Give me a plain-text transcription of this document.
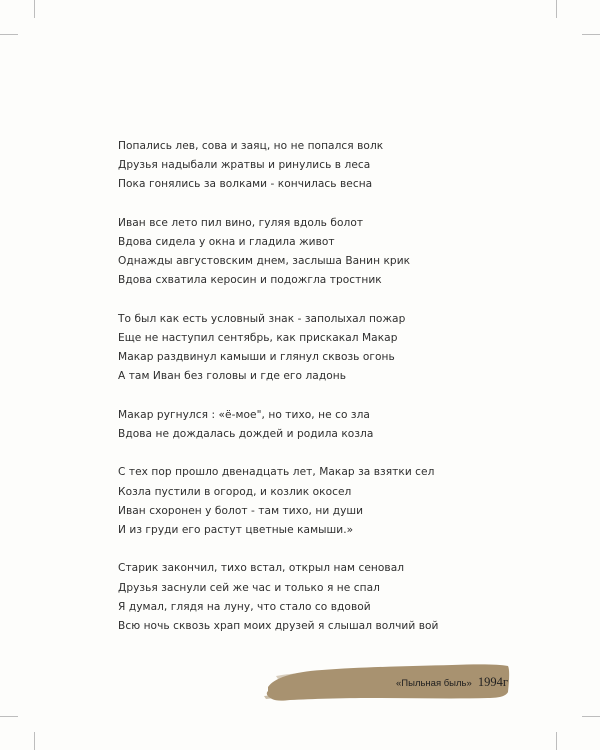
Попались лев, сова и заяц, но не попался волк
Друзья надыбали жратвы и ринулись в леса
Пока гонялись за волками - кончилась весна
Иван все лето пил вино, гуляя вдоль болот
Вдова сидела у окна и гладила живот
Однажды августовским днем, заслыша Ванин крик
Вдова схватила керосин и подожгла тростник
То был как есть условный знак - заполыхал пожар
Еще не наступил сентябрь, как прискакал Макар
Макар раздвинул камыши и глянул сквозь огонь
А там Иван без головы и где его ладонь
Макар ругнулся : «ё-мое", но тихо, не со зла
Вдова не дождалась дождей и родила козла
С тех пор прошло двенадцать лет, Макар за взятки сел
Козла пустили в огород, и козлик окосел
Иван схоронен у болот - там тихо, ни души
И из груди его растут цветные камыши.»
Старик закончил, тихо встал, открыл нам сеновал
Друзья заснули сей же час и только я не спал
Я думал, глядя на луну, что стало со вдовой
Всю ночь сквозь храп моих друзей я слышал волчий вой
«Пыльная быль» 1994г
